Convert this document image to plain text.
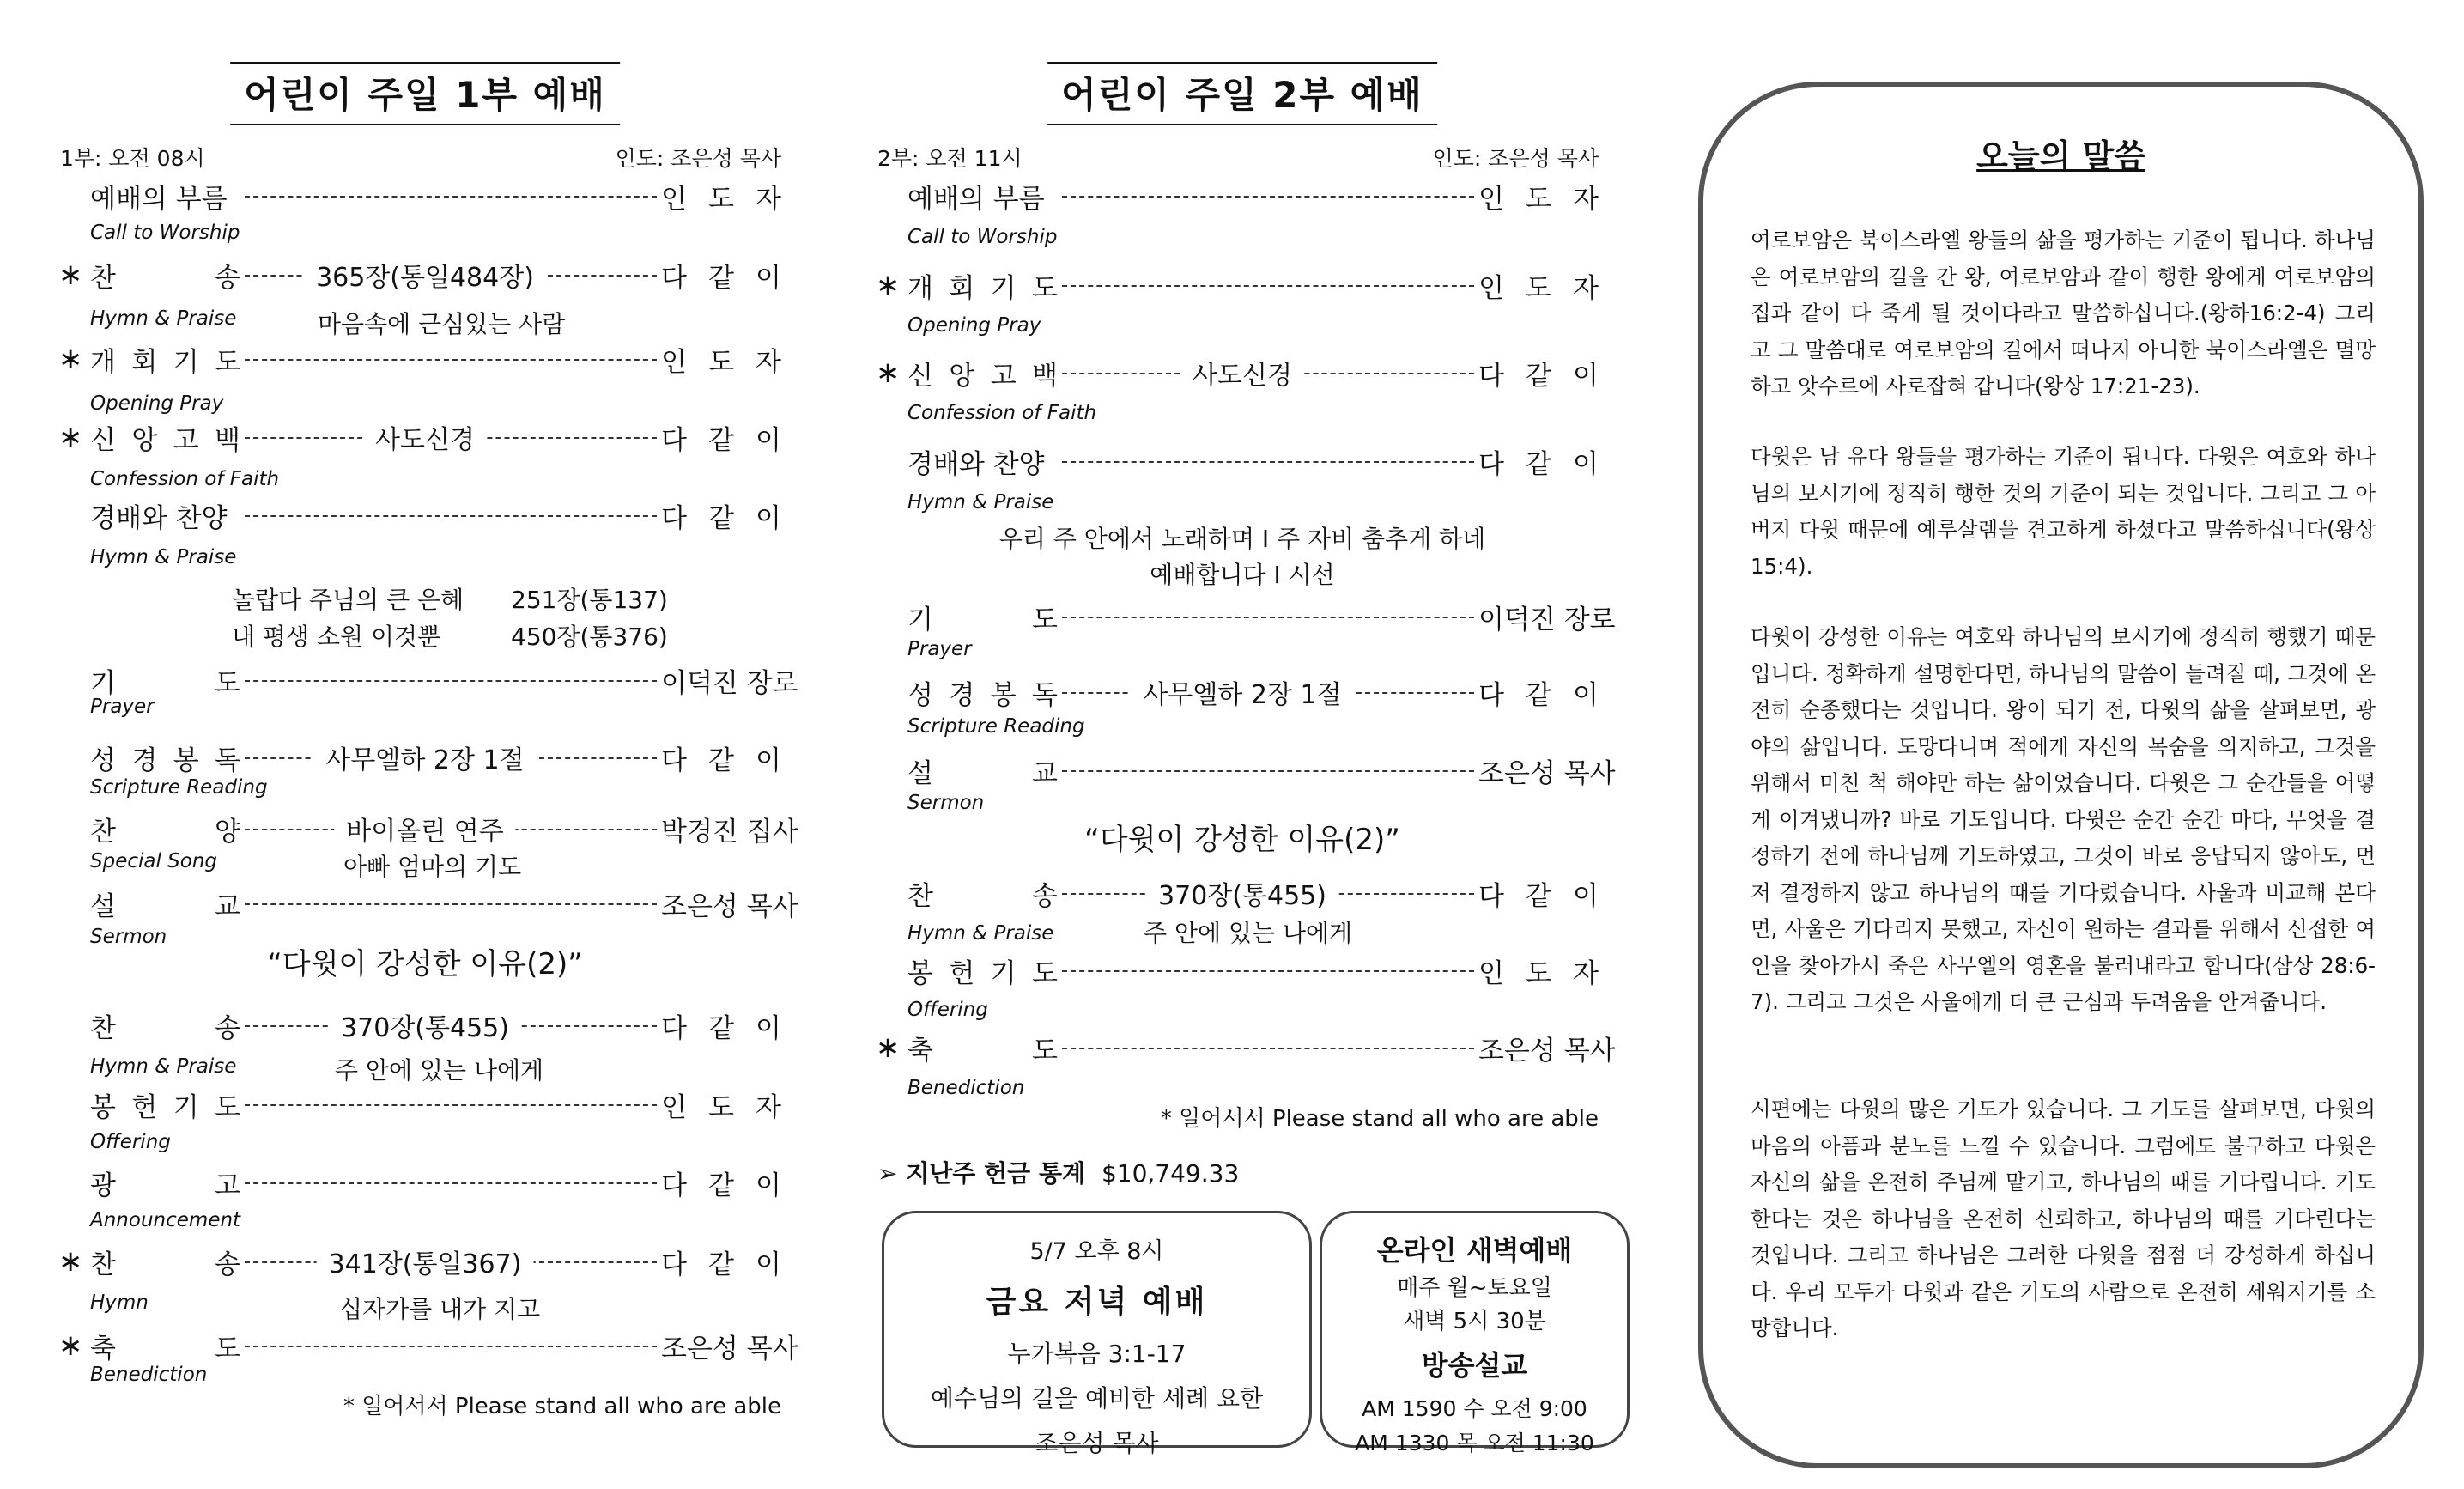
어린이 주일 1부 예배
1부: 오전 08시	인도: 조은성 목사
예배의 부름	인 도 자
Call to Worship
∗ 찬	송	365장(통일484장)	다 같 이
Hymn & Praise
∗ 개 회 기 도	인 도 자
Opening Pray
∗ 신 앙 고 백	사도신경	다 같 이
Confession of Faith
경배와 찬양	다 같 이
Hymn & Praise
기	도	이덕진 장로
Prayer
성 경 봉 독	사무엘하 2장 1절	다 같 이
Scripture Reading
찬	양	바이올린 연주	박경진 집사
Special Song
설	교	조은성 목사
Sermon
찬	송	370장(통455)	다 같 이
Hymn & Praise
봉 헌 기 도	인 도 자
Offering
광	고	다 같 이
Announcement
∗ 찬	송	341장(통일367)	다 같 이
Hymn
∗ 축	도	조은성 목사
Benediction
마음속에 근심있는 사람
놀랍다 주님의 큰 은혜 251장(통137)
내 평생 소원 이것뿐	450장(통376)
아빠 엄마의 기도
“다윗이 강성한 이유(2)”
주 안에 있는 나에게
십자가를 내가 지고
* 일어서서 Please stand all who are able
어린이 주일 2부 예배
2부: 오전 11시	인도: 조은성 목사
예배의 부름	인 도 자
Call to Worship
∗ 개 회 기 도	인 도 자
Opening Pray
∗ 신 앙 고 백	사도신경	다 같 이
Confession of Faith
경배와 찬양	다 같 이
Hymn & Praise
기	도	이덕진 장로
Prayer
성 경 봉 독	사무엘하 2장 1절	다 같 이
Scripture Reading
설	교	조은성 목사
Sermon
찬	송	370장(통455)	다 같 이
Hymn & Praise
봉 헌 기 도	인 도 자
Offering
∗ 축	도	조은성 목사
Benediction
우리 주 안에서 노래하며 I 주 자비 춤추게 하네
예배합니다 I 시선
“다윗이 강성한 이유(2)”
주 안에 있는 나에게
* 일어서서 Please stand all who are able
➢ 지난주 헌금 통계 $10,749.33
5/7 오후 8시
금요 저녁 예배
누가복음 3:1-17
예수님의 길을 예비한 세례 요한
조은성 목사
온라인 새벽예배
매주 월~토요일
새벽 5시 30분
방송설교
AM 1590 수 오전 9:00
AM 1330 목 오전 11:30
오늘의 말씀
여로보암은 북이스라엘 왕들의 삶을 평가하는 기준이 됩니다. 하나님은 여로보암의 길을 간 왕, 여로보암과 같이 행한 왕에게 여로보암의 집과 같이 다 죽게 될 것이다라고 말씀하십니다.(왕하16:2-4) 그리고 그 말씀대로 여로보암의 길에서 떠나지 아니한 북이스라엘은 멸망하고 앗수르에 사로잡혀 갑니다(왕상 17:21-23).
다윗은 남 유다 왕들을 평가하는 기준이 됩니다. 다윗은 여호와 하나님의 보시기에 정직히 행한 것의 기준이 되는 것입니다. 그리고 그 아버지 다윗 때문에 예루살렘을 견고하게 하셨다고 말씀하십니다(왕상 15:4).
다윗이 강성한 이유는 여호와 하나님의 보시기에 정직히 행했기 때문입니다. 정확하게 설명한다면, 하나님의 말씀이 들려질 때, 그것에 온전히 순종했다는 것입니다. 왕이 되기 전, 다윗의 삶을 살펴보면, 광야의 삶입니다. 도망다니며 적에게 자신의 목숨을 의지하고, 그것을 위해서 미친 척 해야만 하는 삶이었습니다. 다윗은 그 순간들을 어떻게 이겨냈니까? 바로 기도입니다. 다윗은 순간 순간 마다, 무엇을 결정하기 전에 하나님께 기도하였고, 그것이 바로 응답되지 않아도, 먼저 결정하지 않고 하나님의 때를 기다렸습니다. 사울과 비교해 본다면, 사울은 기다리지 못했고, 자신이 원하는 결과를 위해서 신접한 여인을 찾아가서 죽은 사무엘의 영혼을 불러내라고 합니다(삼상 28:6-7). 그리고 그것은 사울에게 더 큰 근심과 두려움을 안겨줍니다.
시편에는 다윗의 많은 기도가 있습니다. 그 기도를 살펴보면, 다윗의 마음의 아픔과 분노를 느낄 수 있습니다. 그럼에도 불구하고 다윗은 자신의 삶을 온전히 주님께 맡기고, 하나님의 때를 기다립니다. 기도한다는 것은 하나님을 온전히 신뢰하고, 하나님의 때를 기다린다는 것입니다. 그리고 하나님은 그러한 다윗을 점점 더 강성하게 하십니다. 우리 모두가 다윗과 같은 기도의 사람으로 온전히 세워지기를 소망합니다.
